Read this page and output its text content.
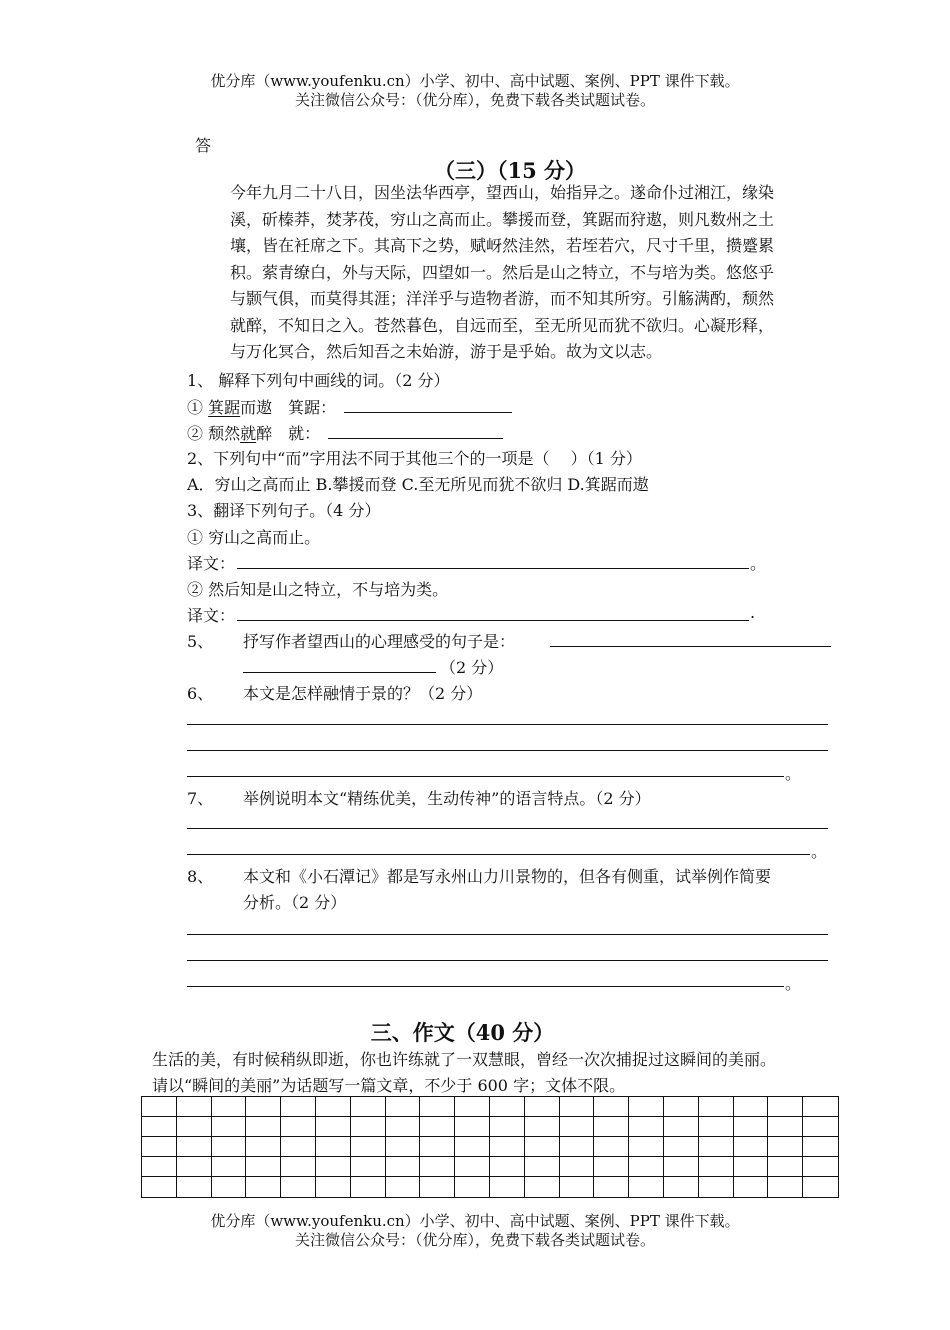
优分库（www.youfenku.cn）小学、初中、高中试题、案例、PPT 课件下载。
关注微信公众号：（优分库），免费下载各类试题试卷。
答
（三）（15 分）
今年九月二十八日，因坐法华西亭，望西山，始指异之。遂命仆过湘江，缘染
溪，斫榛莽，焚茅茷，穷山之高而止。攀援而登，箕踞而狩遨，则凡数州之土
壤，皆在衽席之下。其高下之势，赋岈然洼然，若垤若穴，尺寸千里，攒蹙累
积。萦青缭白，外与天际，四望如一。然后是山之特立，不与培为类。悠悠乎
与颢气俱，而莫得其涯；洋洋乎与造物者游，而不知其所穷。引觞满酌，颓然
就醉，不知日之入。苍然暮色，自远而至，至无所见而犹不欲归。心凝形释，
与万化冥合，然后知吾之未始游，游于是乎始。故为文以志。
1、 解释下列句中画线的词。（2 分）
① 箕踞而遨　箕踞：
② 颓然就醉　就：
2、下列句中“而”字用法不同于其他三个的一项是（　 ）（1 分）
A．穷山之高而止 B.攀援而登 C.至无所见而犹不欲归 D.箕踞而遨
3、翻译下列句子。（4 分）
① 穷山之高而止。
译文：	。
② 然后知是山之特立，不与培为类。
译文：	.
5、 抒写作者望西山的心理感受的句子是：
（2 分）
6、 本文是怎样融情于景的？（2 分）
。
7、 举例说明本文“精练优美，生动传神”的语言特点。（2 分）
。
8、 本文和《小石潭记》都是写永州山力川景物的，但各有侧重，试举例作简要
分析。（2 分）
。
三、作文（40 分）
生活的美，有时候稍纵即逝，你也许练就了一双慧眼，曾经一次次捕捉过这瞬间的美丽。
请以“瞬间的美丽”为话题写一篇文章，不少于 600 字；文体不限。
优分库（www.youfenku.cn）小学、初中、高中试题、案例、PPT 课件下载。
关注微信公众号：（优分库），免费下载各类试题试卷。
